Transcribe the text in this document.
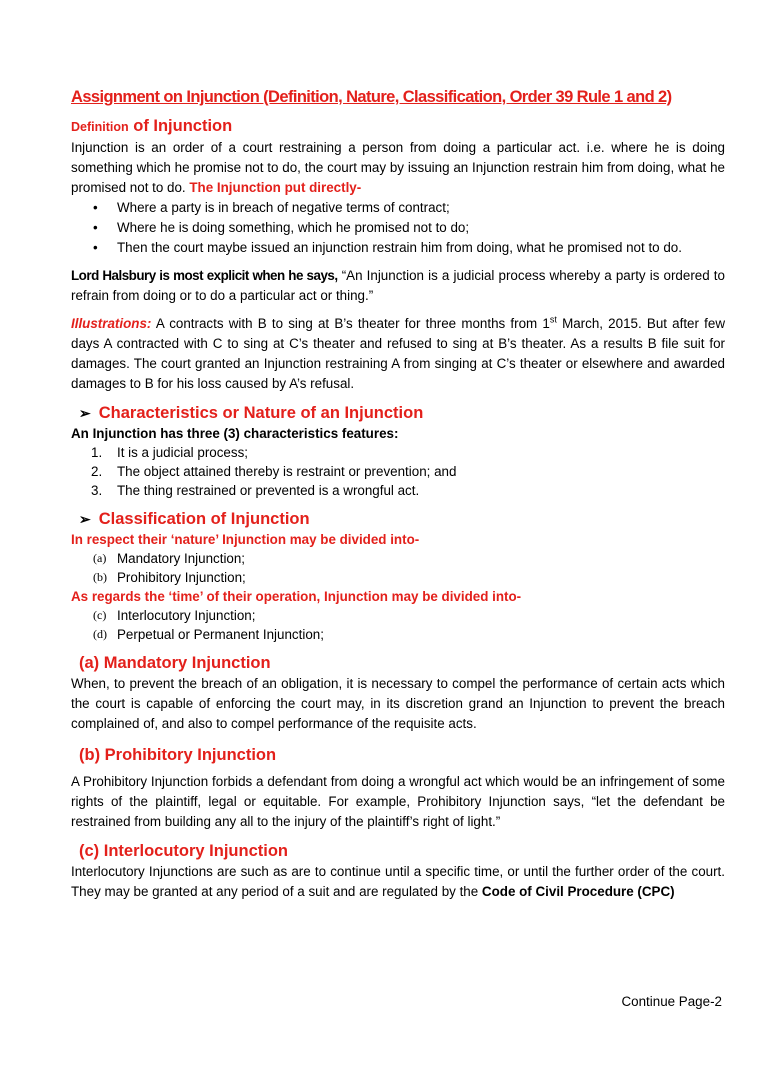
Assignment on Injunction (Definition, Nature, Classification, Order 39 Rule 1 and 2)
Definition of Injunction

Injunction is an order of a court restraining a person from doing a particular act. i.e. where he is doing something which he promise not to do, the court may by issuing an Injunction restrain him from doing, what he promised not to do. The Injunction put directly-

• Where a party is in breach of negative terms of contract;
• Where he is doing something, which he promised not to do;
• Then the court maybe issued an injunction restrain him from doing, what he promised not to do.

Lord Halsbury is most explicit when he says, “An Injunction is a judicial process whereby a party is ordered to refrain from doing or to do a particular act or thing.”

Illustrations: A contracts with B to sing at B’s theater for three months from 1st March, 2015. But after few days A contracted with C to sing at C’s theater and refused to sing at B’s theater. As a results B file suit for damages. The court granted an Injunction restraining A from singing at C’s theater or elsewhere and awarded damages to B for his loss caused by A’s refusal.

➢ Characteristics or Nature of an Injunction

An Injunction has three (3) characteristics features:

1. It is a judicial process;
2. The object attained thereby is restraint or prevention; and
3. The thing restrained or prevented is a wrongful act.
➢ Classification of Injunction

In respect their ‘nature’ Injunction may be divided into-

(a) Mandatory Injunction;
(b) Prohibitory Injunction;

As regards the ‘time’ of their operation, Injunction may be divided into-

(c) Interlocutory Injunction;
(d) Perpetual or Permanent Injunction;
(a) Mandatory Injunction

When, to prevent the breach of an obligation, it is necessary to compel the performance of certain acts which the court is capable of enforcing the court may, in its discretion grand an Injunction to prevent the breach complained of, and also to compel performance of the requisite acts.

(b) Prohibitory Injunction

A Prohibitory Injunction forbids a defendant from doing a wrongful act which would be an infringement of some rights of the plaintiff, legal or equitable. For example, Prohibitory Injunction says, “let the defendant be restrained from building any all to the injury of the plaintiff’s right of light.”

(c) Interlocutory Injunction

Interlocutory Injunctions are such as are to continue until a specific time, or until the further order of the court. They may be granted at any period of a suit and are regulated by the Code of Civil Procedure (CPC)

Continue Page-2
